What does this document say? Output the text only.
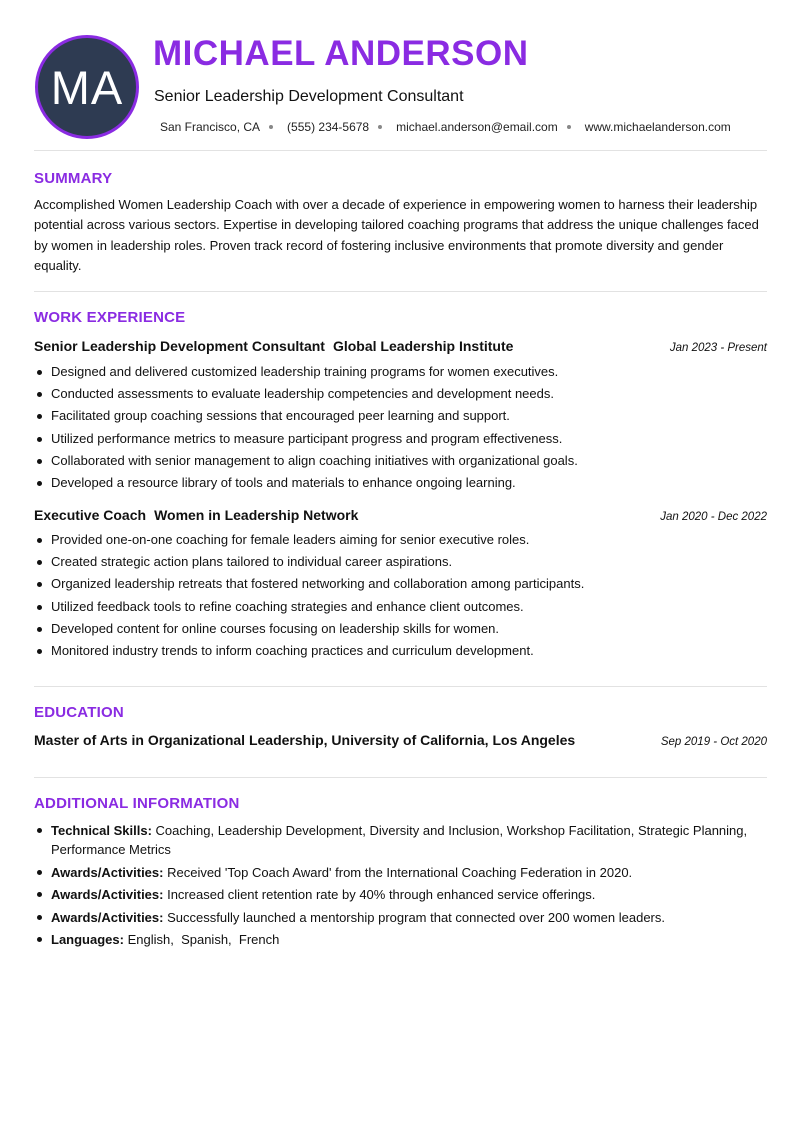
MA
MICHAEL ANDERSON
Senior Leadership Development Consultant
San Francisco, CA (555) 234-5678 michael.anderson@email.com www.michaelanderson.com
SUMMARY

Accomplished Women Leadership Coach with over a decade of experience in empowering women to harness their leadership potential across various sectors. Expertise in developing tailored coaching programs that address the unique challenges faced by women in leadership roles. Proven track record of fostering inclusive environments that promote diversity and gender equality.

WORK EXPERIENCE
Senior Leadership Development Consultant Global Leadership Institute	Jan 2023 - Present
Designed and delivered customized leadership training programs for women executives.
Conducted assessments to evaluate leadership competencies and development needs.
Facilitated group coaching sessions that encouraged peer learning and support.
Utilized performance metrics to measure participant progress and program effectiveness.
Collaborated with senior management to align coaching initiatives with organizational goals.
Developed a resource library of tools and materials to enhance ongoing learning.
Executive Coach Women in Leadership Network	Jan 2020 - Dec 2022
Provided one-on-one coaching for female leaders aiming for senior executive roles.
Created strategic action plans tailored to individual career aspirations.
Organized leadership retreats that fostered networking and collaboration among participants.
Utilized feedback tools to refine coaching strategies and enhance client outcomes.
Developed content for online courses focusing on leadership skills for women.
Monitored industry trends to inform coaching practices and curriculum development.
EDUCATION
Master of Arts in Organizational Leadership, University of California, Los Angeles	Sep 2019 - Oct 2020
ADDITIONAL INFORMATION
Technical Skills: Coaching, Leadership Development, Diversity and Inclusion, Workshop Facilitation, Strategic Planning, Performance Metrics
Awards/Activities: Received 'Top Coach Award' from the International Coaching Federation in 2020.
Awards/Activities: Increased client retention rate by 40% through enhanced service offerings.
Awards/Activities: Successfully launched a mentorship program that connected over 200 women leaders.
Languages: English,  Spanish,  French
